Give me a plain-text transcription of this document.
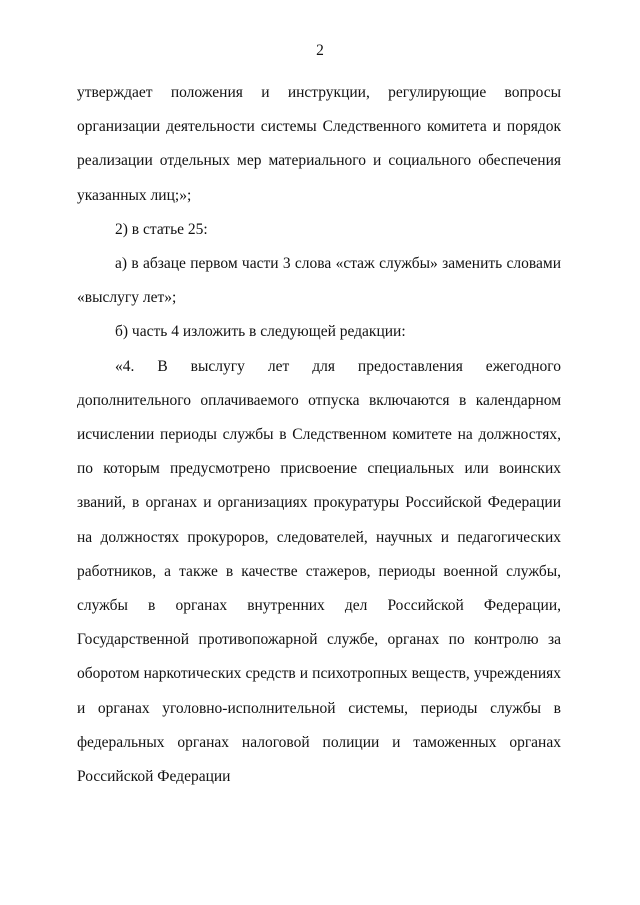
2

утверждает положения и инструкции, регулирующие вопросы организации деятельности системы Следственного комитета и порядок реализации отдельных мер материального и социального обеспечения указанных лиц;»;

2) в статье 25:

а) в абзаце первом части 3 слова «стаж службы» заменить словами «выслугу лет»;

б) часть 4 изложить в следующей редакции:

«4. В выслугу лет для предоставления ежегодного дополнительного оплачиваемого отпуска включаются в календарном исчислении периоды службы в Следственном комитете на должностях, по которым предусмотрено присвоение специальных или воинских званий, в органах и организациях прокуратуры Российской Федерации на должностях прокуроров, следователей, научных и педагогических работников, а также в качестве стажеров, периоды военной службы, службы в органах внутренних дел Российской Федерации, Государственной противопожарной службе, органах по контролю за оборотом наркотических средств и психотропных веществ, учреждениях и органах уголовно-исполнительной системы, периоды службы в федеральных органах налоговой полиции и таможенных органах Российской Федерации
